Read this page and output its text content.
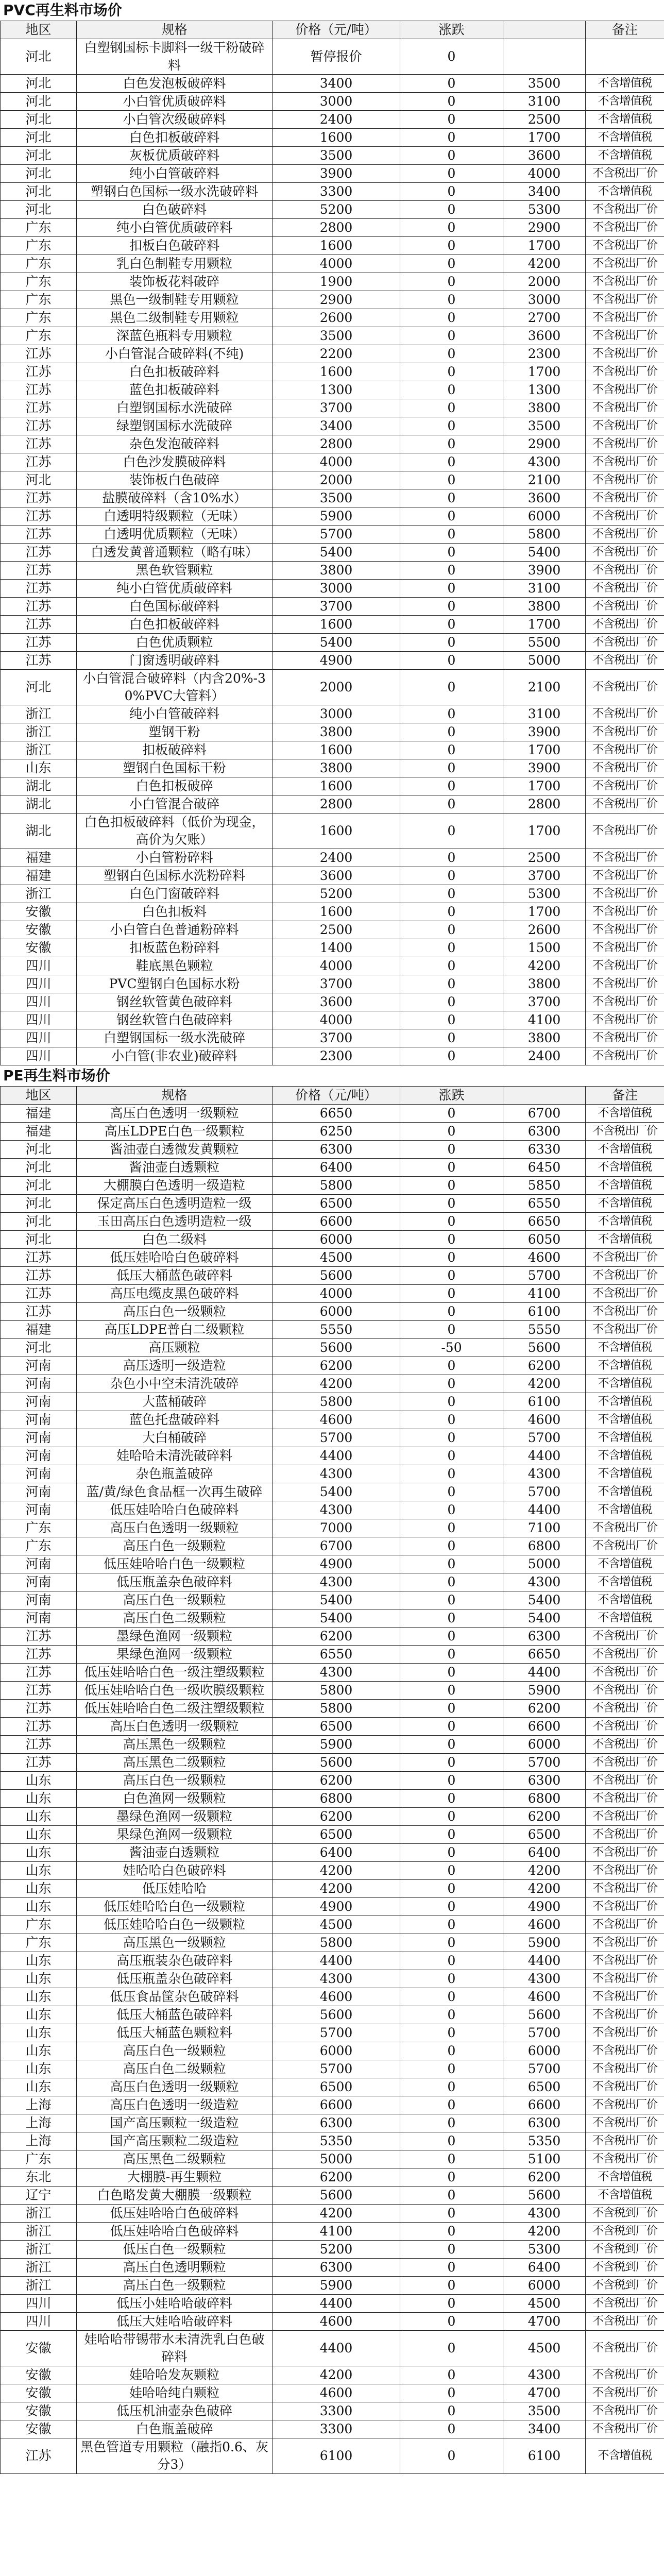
PVC再生料市场价
地区	规格	价格（元/吨）	涨跌		备注
河北	白塑钢国标卡脚料一级干粉破碎料	暂停报价	0		
河北	白色发泡板破碎料	3400	0	3500	不含增值税
河北	小白管优质破碎料	3000	0	3100	不含增值税
河北	小白管次级破碎料	2400	0	2500	不含增值税
河北	白色扣板破碎料	1600	0	1700	不含增值税
河北	灰板优质破碎料	3500	0	3600	不含增值税
河北	纯小白管破碎料	3900	0	4000	不含税出厂价
河北	塑钢白色国标一级水洗破碎料	3300	0	3400	不含增值税
河北	白色破碎料	5200	0	5300	不含税出厂价
广东	纯小白管优质破碎料	2800	0	2900	不含税出厂价
广东	扣板白色破碎料	1600	0	1700	不含税出厂价
广东	乳白色制鞋专用颗粒	4000	0	4200	不含税出厂价
广东	装饰板花料破碎	1900	0	2000	不含税出厂价
广东	黑色一级制鞋专用颗粒	2900	0	3000	不含税出厂价
广东	黑色二级制鞋专用颗粒	2600	0	2700	不含税出厂价
广东	深蓝色瓶料专用颗粒	3500	0	3600	不含税出厂价
江苏	小白管混合破碎料(不纯)	2200	0	2300	不含税出厂价
江苏	白色扣板破碎料	1600	0	1700	不含税出厂价
江苏	蓝色扣板破碎料	1300	0	1300	不含税出厂价
江苏	白塑钢国标水洗破碎	3700	0	3800	不含税出厂价
江苏	绿塑钢国标水洗破碎	3400	0	3500	不含税出厂价
江苏	杂色发泡破碎料	2800	0	2900	不含税出厂价
江苏	白色沙发膜破碎料	4000	0	4300	不含税出厂价
河北	装饰板白色破碎	2000	0	2100	不含税出厂价
江苏	盐膜破碎料（含10%水）	3500	0	3600	不含税出厂价
江苏	白透明特级颗粒（无味）	5900	0	6000	不含税出厂价
江苏	白透明优质颗粒（无味）	5700	0	5800	不含税出厂价
江苏	白透发黄普通颗粒（略有味）	5400	0	5400	不含税出厂价
江苏	黑色软管颗粒	3800	0	3900	不含税出厂价
江苏	纯小白管优质破碎料	3000	0	3100	不含税出厂价
江苏	白色国标破碎料	3700	0	3800	不含税出厂价
江苏	白色扣板破碎料	1600	0	1700	不含税出厂价
江苏	白色优质颗粒	5400	0	5500	不含税出厂价
江苏	门窗透明破碎料	4900	0	5000	不含税出厂价
河北	小白管混合破碎料（内含20%-30%PVC大管料）	2000	0	2100	不含税出厂价
浙江	纯小白管破碎料	3000	0	3100	不含税出厂价
浙江	塑钢干粉	3800	0	3900	不含税出厂价
浙江	扣板破碎料	1600	0	1700	不含税出厂价
山东	塑钢白色国标干粉	3800	0	3900	不含税出厂价
湖北	白色扣板破碎	1600	0	1700	不含税出厂价
湖北	小白管混合破碎	2800	0	2800	不含税出厂价
湖北	白色扣板破碎料（低价为现金，高价为欠账）	1600	0	1700	不含税出厂价
福建	小白管粉碎料	2400	0	2500	不含税出厂价
福建	塑钢白色国标水洗粉碎料	3600	0	3700	不含税出厂价
浙江	白色门窗破碎料	5200	0	5300	不含税出厂价
安徽	白色扣板料	1600	0	1700	不含税出厂价
安徽	小白管白色普通粉碎料	2500	0	2600	不含税出厂价
安徽	扣板蓝色粉碎料	1400	0	1500	不含税出厂价
四川	鞋底黑色颗粒	4000	0	4200	不含税出厂价
四川	PVC塑钢白色国标水粉	3700	0	3800	不含税出厂价
四川	钢丝软管黄色破碎料	3600	0	3700	不含税出厂价
四川	钢丝软管白色破碎料	4000	0	4100	不含税出厂价
四川	白塑钢国标一级水洗破碎	3700	0	3800	不含税出厂价
四川	小白管(非农业)破碎料	2300	0	2400	不含税出厂价
PE再生料市场价
地区	规格	价格（元/吨）	涨跌		备注
福建	高压白色透明一级颗粒	6650	0	6700	不含增值税
福建	高压LDPE白色一级颗粒	6250	0	6300	不含税出厂价
河北	酱油壶白透微发黄颗粒	6300	0	6330	不含增值税
河北	酱油壶白透颗粒	6400	0	6450	不含增值税
河北	大棚膜白色透明一级造粒	5800	0	5850	不含增值税
河北	保定高压白色透明造粒一级	6500	0	6550	不含增值税
河北	玉田高压白色透明造粒一级	6600	0	6650	不含增值税
河北	白色二级料	6000	0	6050	不含增值税
江苏	低压娃哈哈白色破碎料	4500	0	4600	不含税出厂价
江苏	低压大桶蓝色破碎料	5600	0	5700	不含税出厂价
江苏	高压电缆皮黑色破碎料	4000	0	4100	不含税出厂价
江苏	高压白色一级颗粒	6000	0	6100	不含税出厂价
福建	高压LDPE普白二级颗粒	5550	0	5550	不含税出厂价
河北	高压颗粒	5600	-50	5600	不含增值税
河南	高压透明一级造粒	6200	0	6200	不含增值税
河南	杂色小中空未清洗破碎	4200	0	4200	不含增值税
河南	大蓝桶破碎	5800	0	6100	不含增值税
河南	蓝色托盘破碎料	4600	0	4600	不含增值税
河南	大白桶破碎	5700	0	5700	不含增值税
河南	娃哈哈未清洗破碎料	4400	0	4400	不含增值税
河南	杂色瓶盖破碎	4300	0	4300	不含增值税
河南	蓝/黄/绿色食品框一次再生破碎	5400	0	5700	不含增值税
河南	低压娃哈哈白色破碎料	4300	0	4400	不含增值税
广东	高压白色透明一级颗粒	7000	0	7100	不含税出厂价
广东	高压白色一级颗粒	6700	0	6800	不含税出厂价
河南	低压娃哈哈白色一级颗粒	4900	0	5000	不含增值税
河南	低压瓶盖杂色破碎料	4300	0	4300	不含增值税
河南	高压白色一级颗粒	5400	0	5400	不含增值税
河南	高压白色二级颗粒	5400	0	5400	不含增值税
江苏	墨绿色渔网一级颗粒	6200	0	6300	不含税出厂价
江苏	果绿色渔网一级颗粒	6550	0	6650	不含税出厂价
江苏	低压娃哈哈白色一级注塑级颗粒	4300	0	4400	不含税出厂价
江苏	低压娃哈哈白色一级吹膜级颗粒	5800	0	5900	不含税出厂价
江苏	低压娃哈哈白色二级注塑级颗粒	5800	0	6200	不含税出厂价
江苏	高压白色透明一级颗粒	6500	0	6600	不含税出厂价
江苏	高压黑色一级颗粒	5900	0	6000	不含税出厂价
江苏	高压黑色二级颗粒	5600	0	5700	不含税出厂价
山东	高压白色一级颗粒	6200	0	6300	不含税出厂价
山东	白色渔网一级颗粒	6800	0	6800	不含税出厂价
山东	墨绿色渔网一级颗粒	6200	0	6200	不含税出厂价
山东	果绿色渔网一级颗粒	6500	0	6500	不含税出厂价
山东	酱油壶白透颗粒	6400	0	6400	不含税出厂价
山东	娃哈哈白色破碎料	4200	0	4200	不含税出厂价
山东	低压娃哈哈	4200	0	4200	不含税出厂价
山东	低压娃哈哈白色一级颗粒	4900	0	4900	不含税出厂价
广东	低压娃哈哈白色一级颗粒	4500	0	4600	不含税出厂价
广东	高压黑色一级颗粒	5800	0	5900	不含税出厂价
山东	高压瓶装杂色破碎料	4400	0	4400	不含税出厂价
山东	低压瓶盖杂色破碎料	4300	0	4300	不含税出厂价
山东	低压食品筐杂色破碎料	4600	0	4600	不含税出厂价
山东	低压大桶蓝色破碎料	5600	0	5600	不含税出厂价
山东	低压大桶蓝色颗粒料	5700	0	5700	不含税出厂价
山东	高压白色一级颗粒	6000	0	6000	不含税出厂价
山东	高压白色二级颗粒	5700	0	5700	不含税出厂价
山东	高压白色透明一级颗粒	6500	0	6500	不含税出厂价
上海	高压白色透明一级造粒	6600	0	6600	不含税出厂价
上海	国产高压颗粒一级造粒	6300	0	6300	不含税出厂价
上海	国产高压颗粒二级造粒	5350	0	5350	不含税出厂价
广东	高压黑色二级颗粒	5000	0	5100	不含税出厂价
东北	大棚膜-再生颗粒	6200	0	6200	不含增值税
辽宁	白色略发黄大棚膜一级颗粒	5600	0	5600	不含增值税
浙江	低压娃哈哈白色破碎料	4200	0	4300	不含税到厂价
浙江	低压娃哈哈白色破碎料	4100	0	4200	不含税到厂价
浙江	低压白色一级颗粒	5200	0	5300	不含税到厂价
浙江	高压白色透明颗粒	6300	0	6400	不含税到厂价
浙江	高压白色一级颗粒	5900	0	6000	不含税到厂价
四川	低压小娃哈哈破碎料	4400	0	4500	不含税出厂价
四川	低压大娃哈哈破碎料	4600	0	4700	不含税出厂价
安徽	娃哈哈带锡带水未清洗乳白色破碎料	4400	0	4500	不含税出厂价
安徽	娃哈哈发灰颗粒	4200	0	4300	不含税出厂价
安徽	娃哈哈纯白颗粒	4600	0	4700	不含税出厂价
安徽	低压机油壶杂色破碎	3300	0	3500	不含税出厂价
安徽	白色瓶盖破碎	3300	0	3400	不含税出厂价
江苏	黑色管道专用颗粒（融指0.6、灰分3）	6100	0	6100	不含增值税
